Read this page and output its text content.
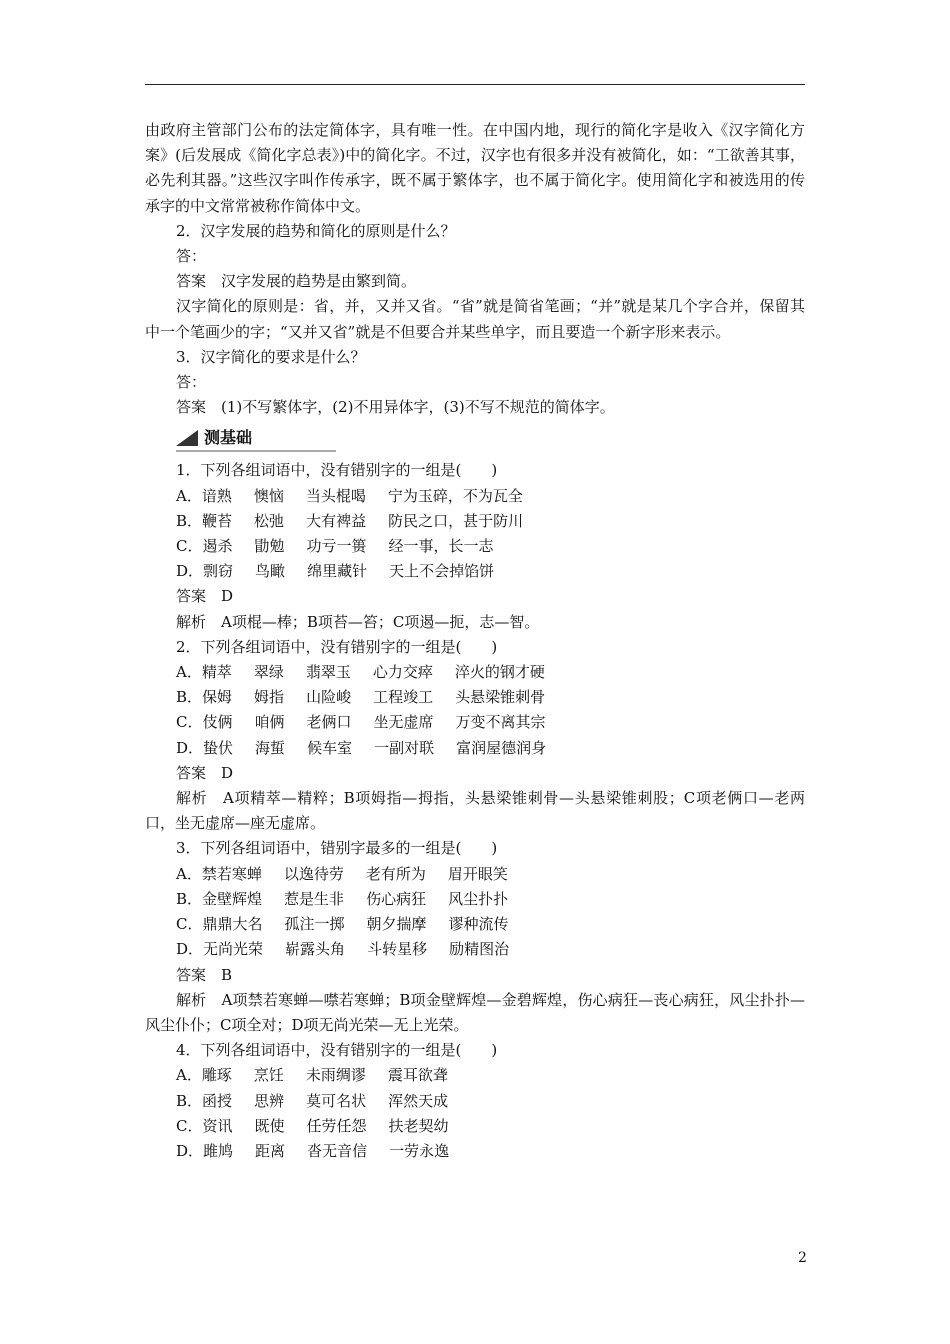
由政府主管部门公布的法定简体字，具有唯一性。在中国内地，现行的简化字是收入《汉字简化方案》(后发展成《简化字总表》)中的简化字。不过，汉字也有很多并没有被简化，如：“工欲善其事，必先利其器。”这些汉字叫作传承字，既不属于繁体字，也不属于简化字。使用简化字和被选用的传承字的中文常常被称作简体中文。

2．汉字发展的趋势和简化的原则是什么？

答：

答案　汉字发展的趋势是由繁到简。

汉字简化的原则是：省，并，又并又省。“省”就是简省笔画；“并”就是某几个字合并，保留其中一个笔画少的字；“又并又省”就是不但要合并某些单字，而且要造一个新字形来表示。

3．汉字简化的要求是什么？

答：

答案　(1)不写繁体字，(2)不用异体字，(3)不写不规范的简体字。

测基础

1．下列各组词语中，没有错别字的一组是(　　)

A．谙熟 懊恼 当头棍喝 宁为玉碎，不为瓦全

B．鞭苔 松弛 大有裨益 防民之口，甚于防川

C．遏杀 勖勉 功亏一篑 经一事，长一志

D．剽窃 鸟瞰 绵里藏针 天上不会掉馅饼

答案　D

解析　A项棍—棒；B项苔—笞；C项遏—扼，志—智。

2．下列各组词语中，没有错别字的一组是(　　)

A．精萃 翠绿 翡翠玉 心力交瘁 淬火的钢才硬

B．保姆 姆指 山险峻 工程竣工 头悬梁锥刺骨

C．伎俩 咱俩 老俩口 坐无虚席 万变不离其宗

D．蛰伏 海蜇 候车室 一副对联 富润屋德润身

答案　D

解析　A项精萃—精粹；B项姆指—拇指，头悬梁锥刺骨—头悬梁锥刺股；C项老俩口—老两口，坐无虚席—座无虚席。

3．下列各组词语中，错别字最多的一组是(　　)

A．禁若寒蝉 以逸待劳 老有所为 眉开眼笑

B．金壁辉煌 惹是生非 伤心病狂 风尘扑扑

C．鼎鼎大名 孤注一掷 朝夕揣摩 谬种流传

D．无尚光荣 崭露头角 斗转星移 励精图治

答案　B

解析　A项禁若寒蝉—噤若寒蝉；B项金壁辉煌—金碧辉煌，伤心病狂—丧心病狂，风尘扑扑—风尘仆仆；C项全对；D项无尚光荣—无上光荣。

4．下列各组词语中，没有错别字的一组是(　　)

A．雕琢 烹饪 未雨绸谬 震耳欲聋

B．函授 思辨 莫可名状 浑然天成

C．资讯 既使 任劳任怨 扶老契幼

D．雎鸠 距离 沓无音信 一劳永逸

2
